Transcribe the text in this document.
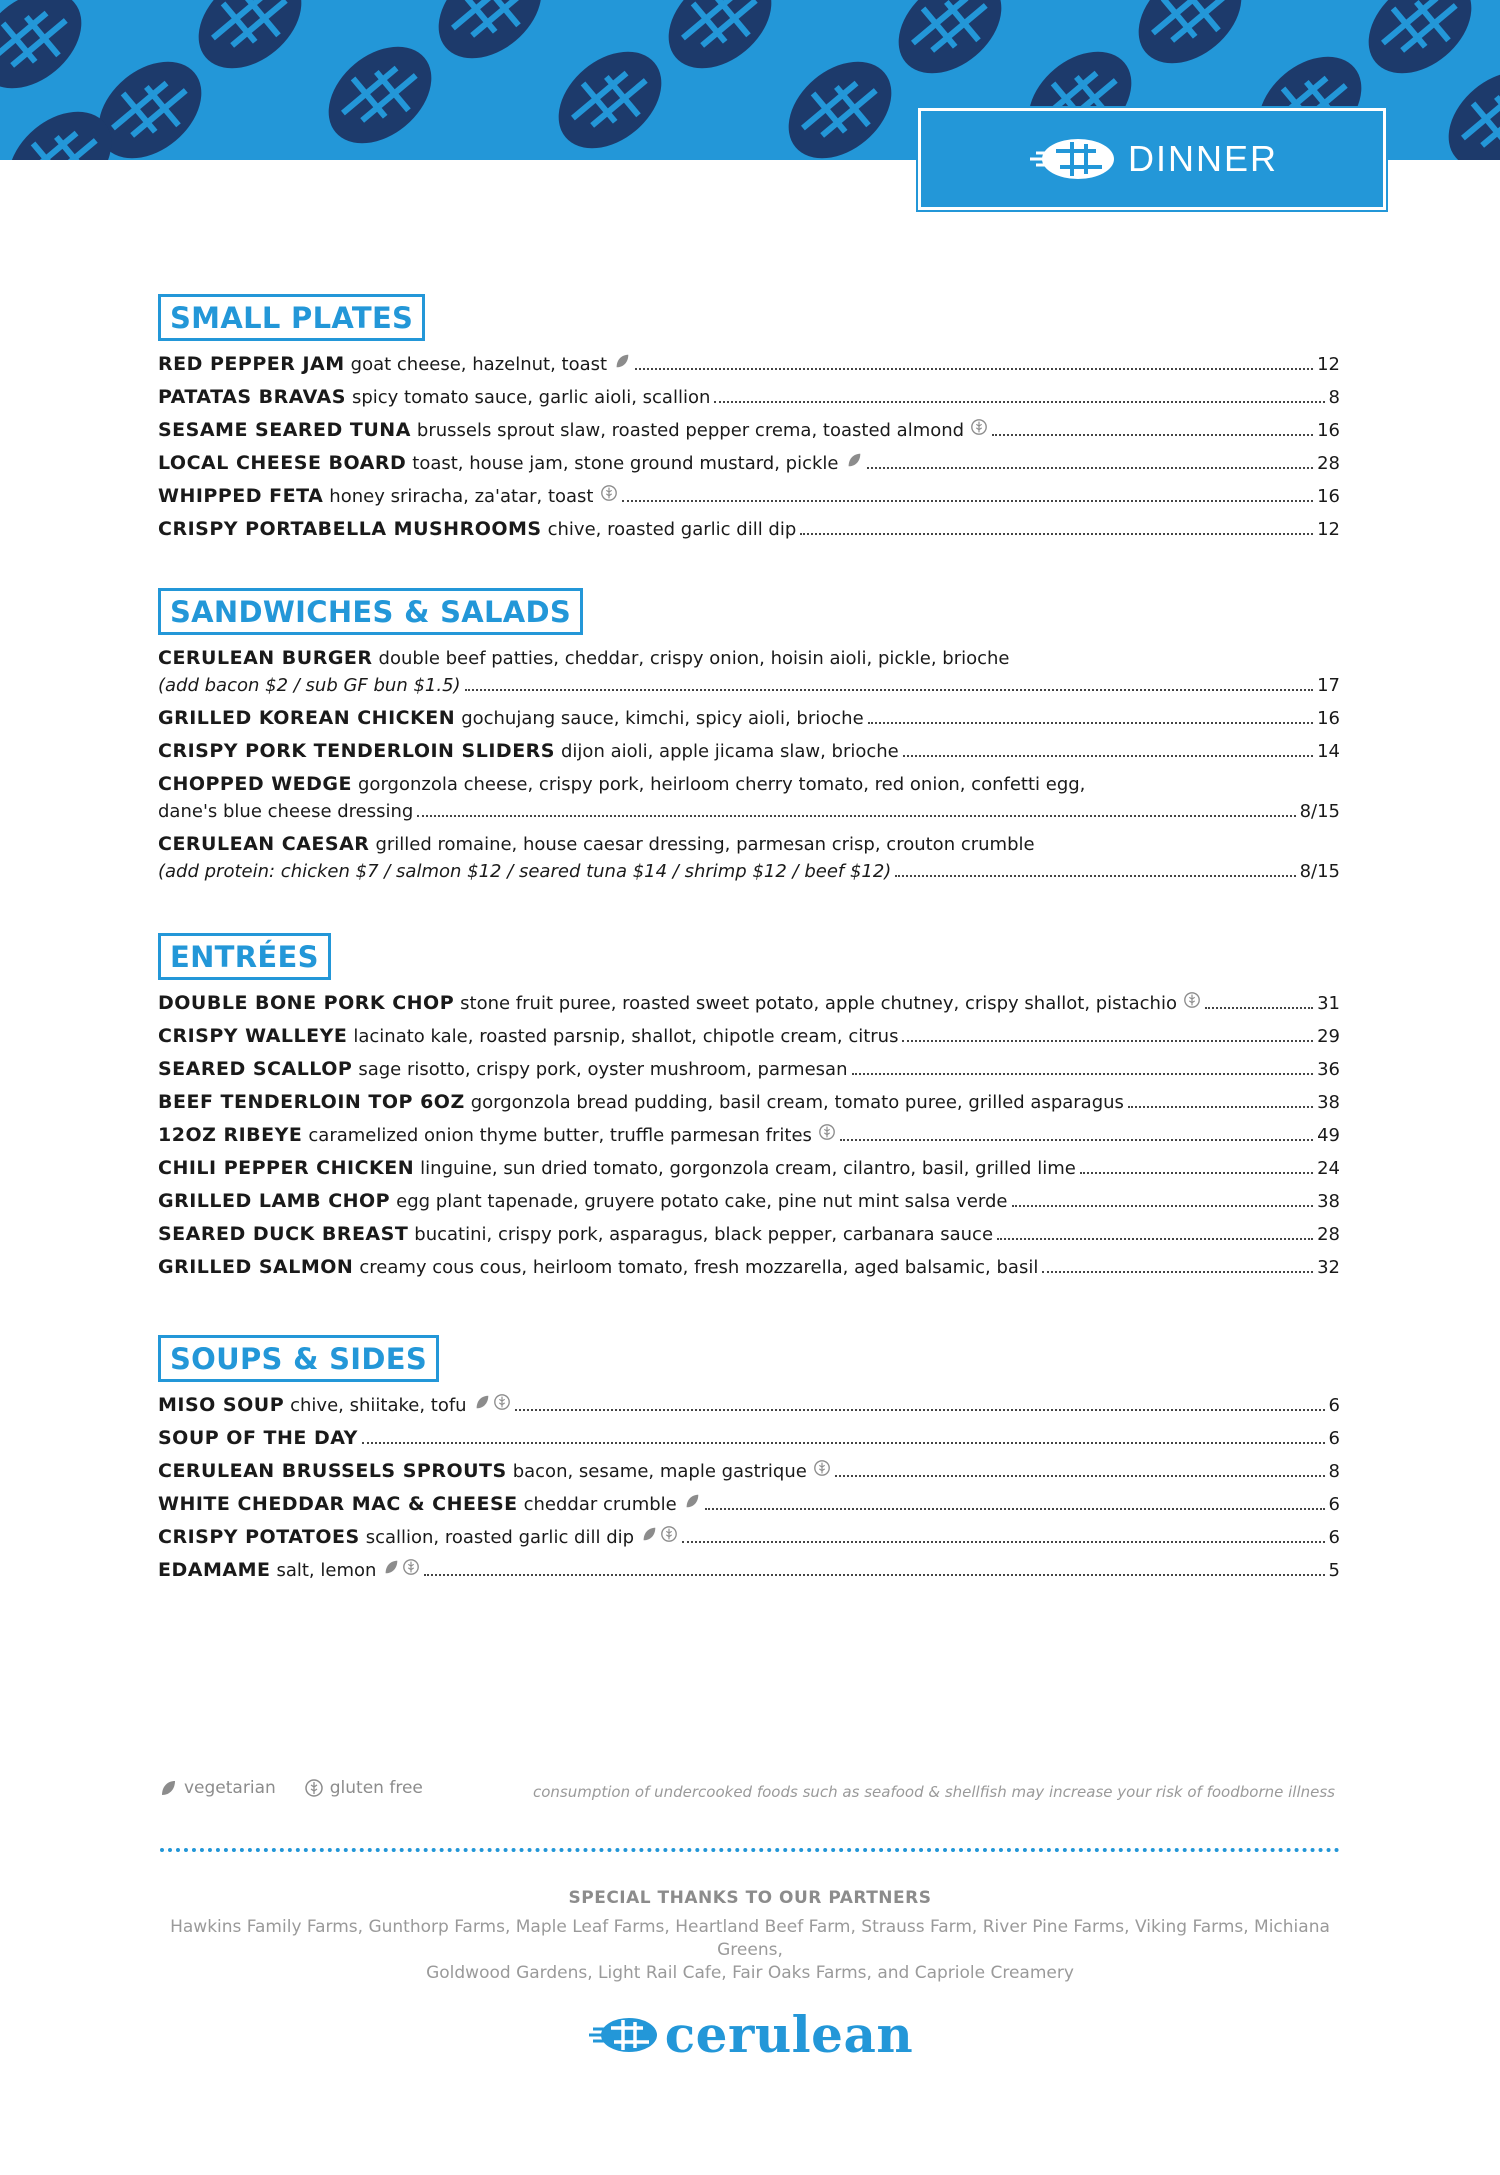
DINNER
SMALL PLATES
RED PEPPER JAM goat cheese, hazelnut, toast	12
PATATAS BRAVAS spicy tomato sauce, garlic aioli, scallion	8
SESAME SEARED TUNA brussels sprout slaw, roasted pepper crema, toasted almond	16
LOCAL CHEESE BOARD toast, house jam, stone ground mustard, pickle	28
WHIPPED FETA honey sriracha, za'atar, toast	16
CRISPY PORTABELLA MUSHROOMS chive, roasted garlic dill dip	12
SANDWICHES & SALADS
CERULEAN BURGER double beef patties, cheddar, crispy onion, hoisin aioli, pickle, brioche
(add bacon $2 / sub GF bun $1.5)	17
GRILLED KOREAN CHICKEN gochujang sauce, kimchi, spicy aioli, brioche	16
CRISPY PORK TENDERLOIN SLIDERS dijon aioli, apple jicama slaw, brioche	14
CHOPPED WEDGE gorgonzola cheese, crispy pork, heirloom cherry tomato, red onion, confetti egg,
dane's blue cheese dressing	8/15
CERULEAN CAESAR grilled romaine, house caesar dressing, parmesan crisp, crouton crumble
(add protein: chicken $7 / salmon $12 / seared tuna $14 / shrimp $12 / beef $12)	8/15
ENTRÉES
DOUBLE BONE PORK CHOP stone fruit puree, roasted sweet potato, apple chutney, crispy shallot, pistachio	31
CRISPY WALLEYE lacinato kale, roasted parsnip, shallot, chipotle cream, citrus	29
SEARED SCALLOP sage risotto, crispy pork, oyster mushroom, parmesan	36
BEEF TENDERLOIN TOP 6OZ gorgonzola bread pudding, basil cream, tomato puree, grilled asparagus	38
12OZ RIBEYE caramelized onion thyme butter, truffle parmesan frites	49
CHILI PEPPER CHICKEN linguine, sun dried tomato, gorgonzola cream, cilantro, basil, grilled lime	24
GRILLED LAMB CHOP egg plant tapenade, gruyere potato cake, pine nut mint salsa verde	38
SEARED DUCK BREAST bucatini, crispy pork, asparagus, black pepper, carbanara sauce	28
GRILLED SALMON creamy cous cous, heirloom tomato, fresh mozzarella, aged balsamic, basil	32
SOUPS & SIDES
MISO SOUP chive, shiitake, tofu	6
SOUP OF THE DAY	6
CERULEAN BRUSSELS SPROUTS bacon, sesame, maple gastrique	8
WHITE CHEDDAR MAC & CHEESE cheddar crumble	6
CRISPY POTATOES scallion, roasted garlic dill dip	6
EDAMAME salt, lemon	5
vegetarian	gluten free	consumption of undercooked foods such as seafood & shellfish may increase your risk of foodborne illness
SPECIAL THANKS TO OUR PARTNERS
Hawkins Family Farms, Gunthorp Farms, Maple Leaf Farms, Heartland Beef Farm, Strauss Farm, River Pine Farms, Viking Farms, Michiana Greens,
Goldwood Gardens, Light Rail Cafe, Fair Oaks Farms, and Capriole Creamery
cerulean
